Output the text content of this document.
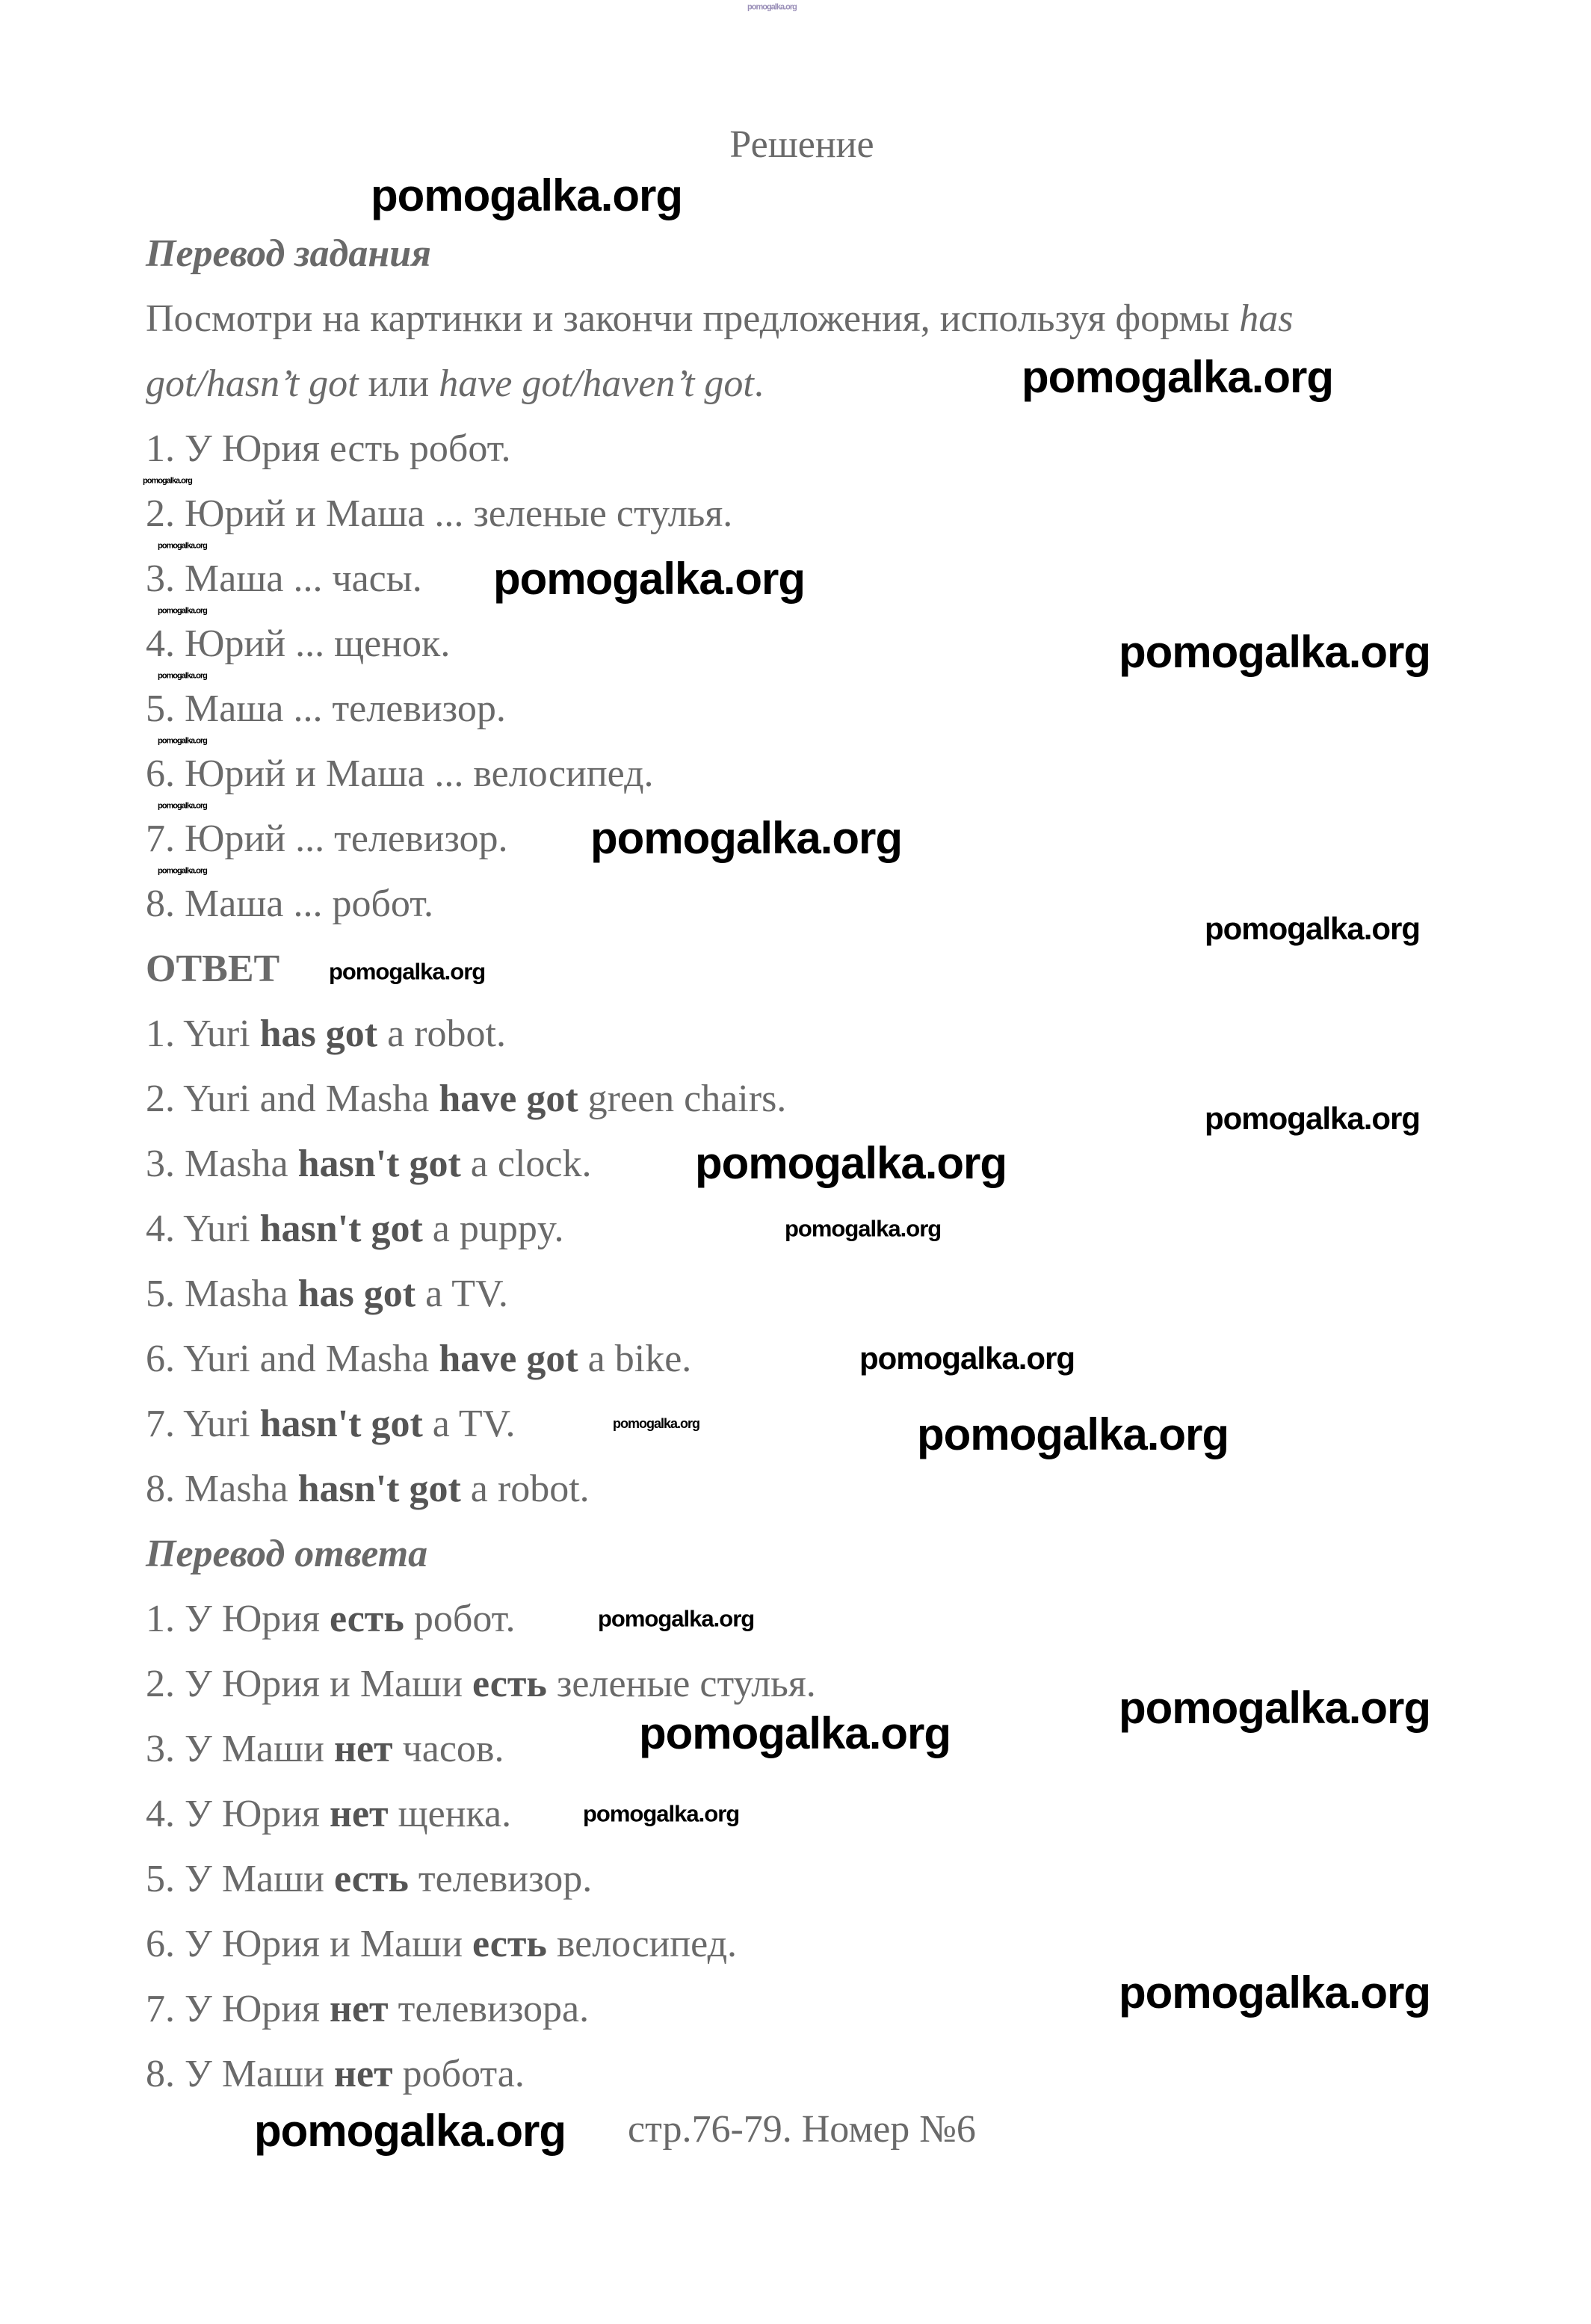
Решение
Перевод задания
Посмотри на картинки и закончи предложения, используя формы has
got/hasn’t got или have got/haven’t got.
1. У Юрия есть робот.
2. Юрий и Маша ... зеленые стулья.
3. Маша ... часы.
4. Юрий ... щенок.
5. Маша ... телевизор.
6. Юрий и Маша ... велосипед.
7. Юрий ... телевизор.
8. Маша ... робот.
ОТВЕТ
1. Yuri has got a robot.
2. Yuri and Masha have got green chairs.
3. Masha hasn't got a clock.
4. Yuri hasn't got a puppy.
5. Masha has got a TV.
6. Yuri and Masha have got a bike.
7. Yuri hasn't got a TV.
8. Masha hasn't got a robot.
Перевод ответа
1. У Юрия есть робот.
2. У Юрия и Маши есть зеленые стулья.
3. У Маши нет часов.
4. У Юрия нет щенка.
5. У Маши есть телевизор.
6. У Юрия и Маши есть велосипед.
7. У Юрия нет телевизора.
8. У Маши нет робота.
стр.76-79. Номер №6
pomogalka.org
pomogalka.org
pomogalka.org
pomogalka.org
pomogalka.org
pomogalka.org
pomogalka.org
pomogalka.org
pomogalka.org
pomogalka.org
pomogalka.org
pomogalka.org
pomogalka.org
pomogalka.org
pomogalka.org
pomogalka.org
pomogalka.org
pomogalka.org
pomogalka.org
pomogalka.org	pomogalka.org
pomogalka.org
pomogalka.org
pomogalka.org
pomogalka.org
pomogalka.org
pomogalka.org
